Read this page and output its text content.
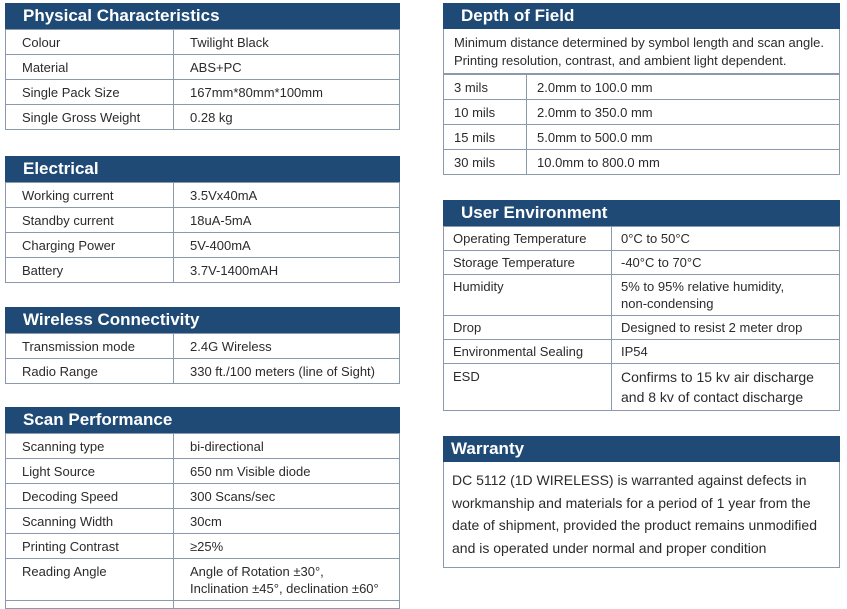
Physical Characteristics
Colour	Twilight Black
Material	ABS+PC
Single Pack Size	167mm*80mm*100mm
Single Gross Weight	0.28 kg
Electrical
Working current	3.5Vx40mA
Standby current	18uA-5mA
Charging Power	5V-400mA
Battery	3.7V-1400mAH
Wireless Connectivity
Transmission mode	2.4G Wireless
Radio Range	330 ft./100 meters (line of Sight)
Scan Performance
Scanning type	bi-directional
Light Source	650 nm Visible diode
Decoding Speed	300 Scans/sec
Scanning Width	30cm
Printing Contrast	≥25%
Reading Angle	Angle of Rotation ±30°,
Inclination ±45°, declination ±60°

Depth of Field
Minimum distance determined by symbol length and scan angle.
Printing resolution, contrast, and ambient light dependent.
3 mils	2.0mm to 100.0 mm
10 mils	2.0mm to 350.0 mm
15 mils	5.0mm to 500.0 mm
30 mils	10.0mm to 800.0 mm
User Environment
Operating Temperature	0°C to 50°C
Storage Temperature	-40°C to 70°C
Humidity	5% to 95% relative humidity,
non-condensing

Drop	Designed to resist 2 meter drop
Environmental Sealing	IP54
ESD	Confirms to 15 kv air discharge
and 8 kv of contact discharge
Warranty
DC 5112 (1D WIRELESS) is warranted against defects in workmanship and materials for a period of 1 year from the date of shipment, provided the product remains unmodified and is operated under normal and proper condition
